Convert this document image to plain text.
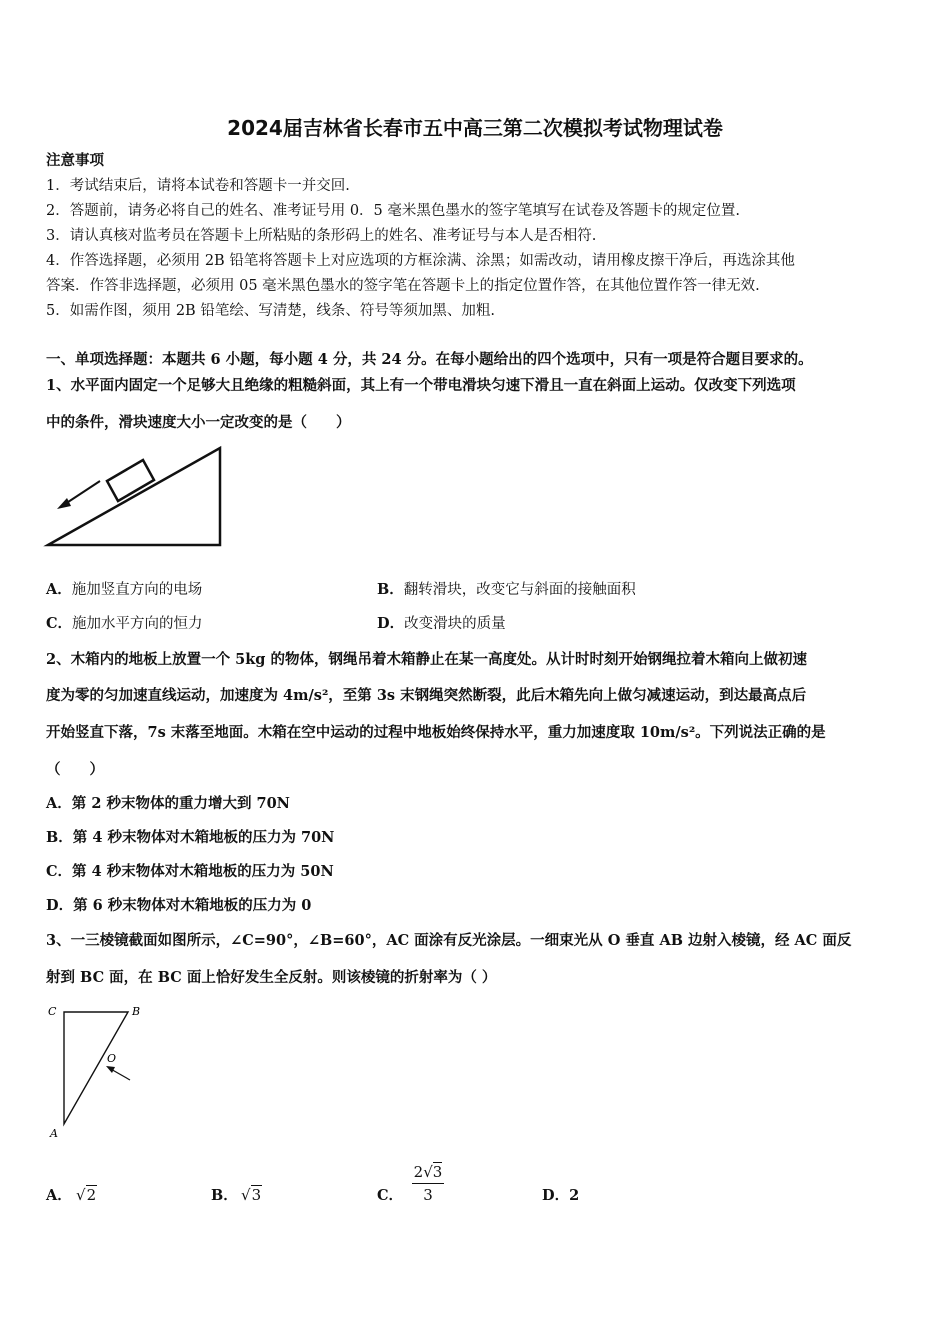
2024届吉林省长春市五中高三第二次模拟考试物理试卷
注意事项
1．考试结束后，请将本试卷和答题卡一并交回.
2．答题前，请务必将自己的姓名、准考证号用 0．5 毫米黑色墨水的签字笔填写在试卷及答题卡的规定位置.
3．请认真核对监考员在答题卡上所粘贴的条形码上的姓名、准考证号与本人是否相符.
4．作答选择题，必须用 2B 铅笔将答题卡上对应选项的方框涂满、涂黑；如需改动，请用橡皮擦干净后，再选涂其他
答案．作答非选择题，必须用 05 毫米黑色墨水的签字笔在答题卡上的指定位置作答，在其他位置作答一律无效.
5．如需作图，须用 2B 铅笔绘、写清楚，线条、符号等须加黑、加粗.
一、单项选择题：本题共 6 小题，每小题 4 分，共 24 分。在每小题给出的四个选项中，只有一项是符合题目要求的。
1、水平面内固定一个足够大且绝缘的粗糙斜面，其上有一个带电滑块匀速下滑且一直在斜面上运动。仅改变下列选项
中的条件，滑块速度大小一定改变的是（　　）
A．施加竖直方向的电场	B．翻转滑块，改变它与斜面的接触面积
C．施加水平方向的恒力	D．改变滑块的质量
2、木箱内的地板上放置一个 5kg 的物体，钢绳吊着木箱静止在某一高度处。从计时时刻开始钢绳拉着木箱向上做初速
度为零的匀加速直线运动，加速度为 4m/s²，至第 3s 末钢绳突然断裂，此后木箱先向上做匀减速运动，到达最高点后
开始竖直下落，7s 末落至地面。木箱在空中运动的过程中地板始终保持水平，重力加速度取 10m/s²。下列说法正确的是
（　　）
A．第 2 秒末物体的重力增大到 70N
B．第 4 秒末物体对木箱地板的压力为 70N
C．第 4 秒末物体对木箱地板的压力为 50N
D．第 6 秒末物体对木箱地板的压力为 0
3、一三棱镜截面如图所示，∠C=90°，∠B=60°，AC 面涂有反光涂层。一细束光从 O 垂直 AB 边射入棱镜，经 AC 面反
射到 BC 面，在 BC 面上恰好发生全反射。则该棱镜的折射率为（ ）
C	B
O
A
A． √2	B． √3	C．
2√3
3	D．2
